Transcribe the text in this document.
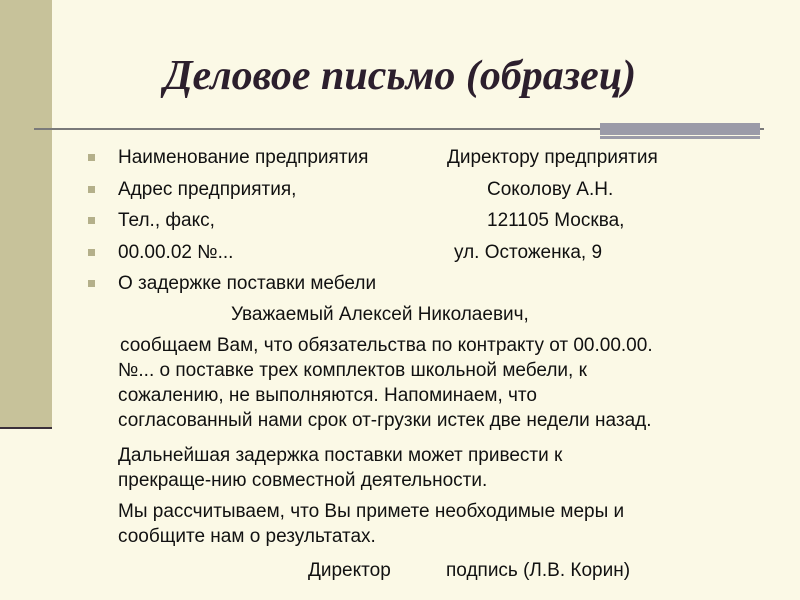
Деловое письмо (образец)
Наименование предприятия	Директору предприятия
Адрес предприятия,	Соколову А.Н.
Тел., факс,	121105 Москва,
00.00.02 №...	ул. Остоженка, 9
О задержке поставки мебели
Уважаемый Алексей Николаевич,
сообщаем Вам, что обязательства по контракту от 00.00.00.
№... о поставке трех комплектов школьной мебели, к
сожалению, не выполняются. Напоминаем, что
согласованный нами срок от-грузки истек две недели назад.
Дальнейшая задержка поставки может привести к
прекраще-нию совместной деятельности.
Мы рассчитываем, что Вы примете необходимые меры и
сообщите нам о результатах.
Директор	подпись (Л.В. Корин)
